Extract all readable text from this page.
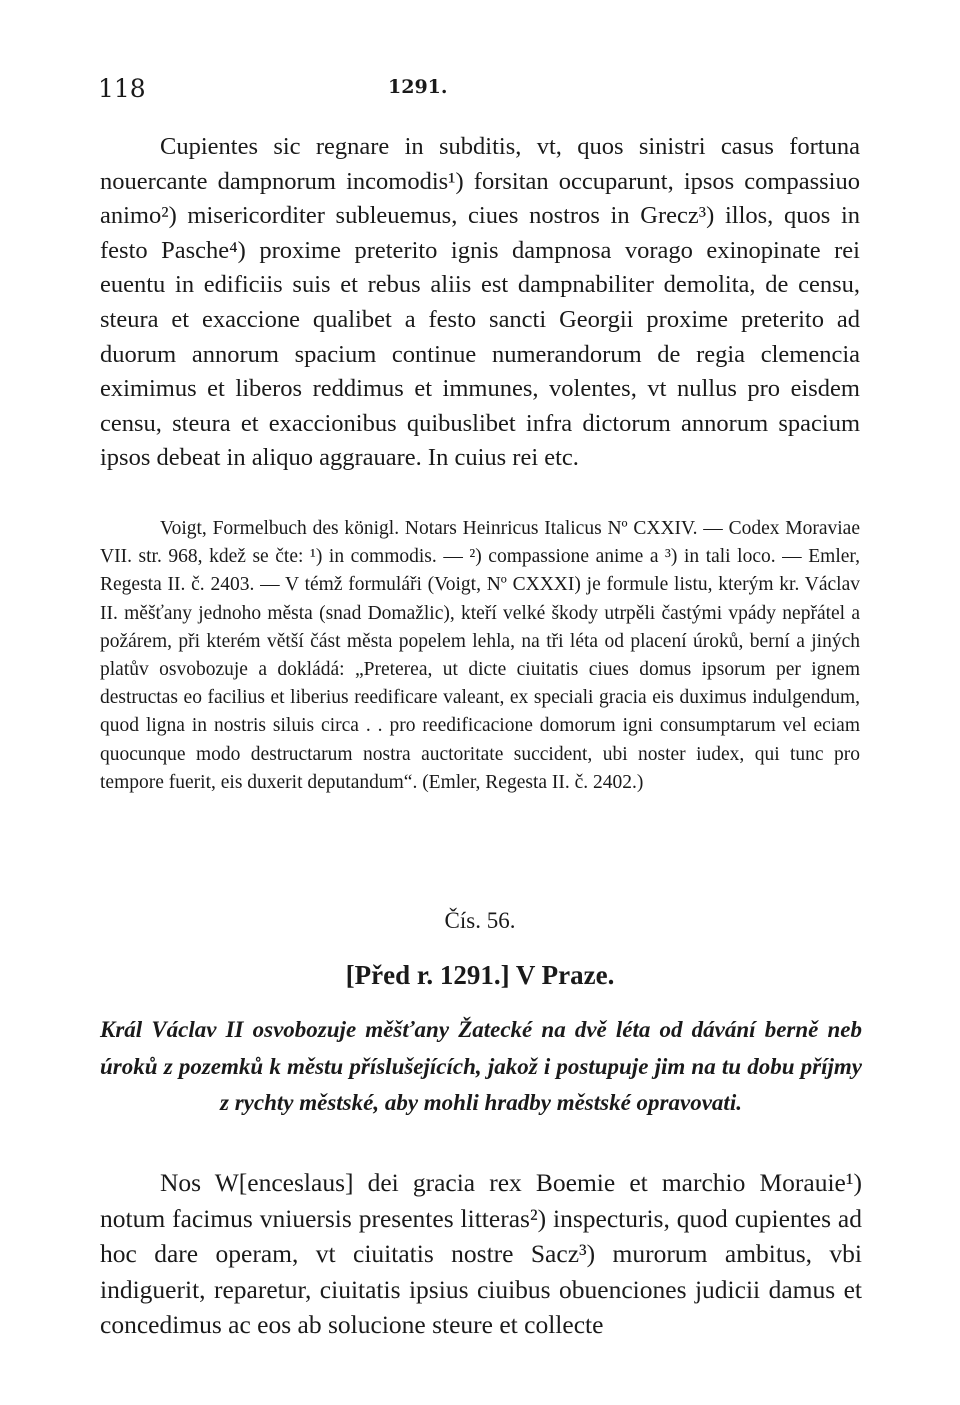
118	1291.

Cupientes sic regnare in subditis, vt, quos sinistri casus fortuna nouercante dampnorum incomodis¹) forsitan occuparunt, ipsos compassiuo animo²) misericorditer subleuemus, ciues nostros in Grecz³) illos, quos in festo Pasche⁴) proxime preterito ignis dampnosa vorago exinopinate rei euentu in edificiis suis et rebus aliis est dampnabiliter demolita, de censu, steura et exaccione qualibet a festo sancti Georgii proxime preterito ad duorum annorum spacium continue numerandorum de regia clemencia eximimus et liberos reddimus et immunes, volentes, vt nullus pro eisdem censu, steura et exaccionibus quibuslibet infra dictorum annorum spacium ipsos debeat in aliquo aggrauare. In cuius rei etc.

Voigt, Formelbuch des königl. Notars Heinricus Italicus Nº CXXIV. — Codex Moraviae VII. str. 968, kdež se čte: ¹) in commodis. — ²) compassione anime a ³) in tali loco. — Emler, Regesta II. č. 2403. — V témž formuláři (Voigt, Nº CXXXI) je formule listu, kterým kr. Václav II. měšťany jednoho města (snad Domažlic), kteří velké škody utrpěli častými vpády nepřátel a požárem, při kterém větší část města popelem lehla, na tři léta od placení úroků, berní a jiných platův osvobozuje a dokládá: „Preterea, ut dicte ciuitatis ciues domus ipsorum per ignem destructas eo facilius et liberius reedificare valeant, ex speciali gracia eis duximus indulgendum, quod ligna in nostris siluis circa . . pro reedificacione domorum igni consumptarum vel eciam quocunque modo destructarum nostra auctoritate succident, ubi noster iudex, qui tunc pro tempore fuerit, eis duxerit deputandum“. (Emler, Regesta II. č. 2402.)

Čís. 56.
[Před r. 1291.] V Praze.
Král Václav II osvobozuje měšťany Žatecké na dvě léta od dávání berně neb úroků z pozemků k městu příslušejících, jakož i postupuje jim na tu dobu příjmy z rychty městské, aby mohli hradby městské opravovati.

Nos W[enceslaus] dei gracia rex Boemie et marchio Morauie¹) notum facimus vniuersis presentes litteras²) inspecturis, quod cupientes ad hoc dare operam, vt ciuitatis nostre Sacz³) murorum ambitus, vbi indiguerit, reparetur, ciuitatis ipsius ciuibus obuenciones judicii damus et concedimus ac eos ab solucione steure et collecte
